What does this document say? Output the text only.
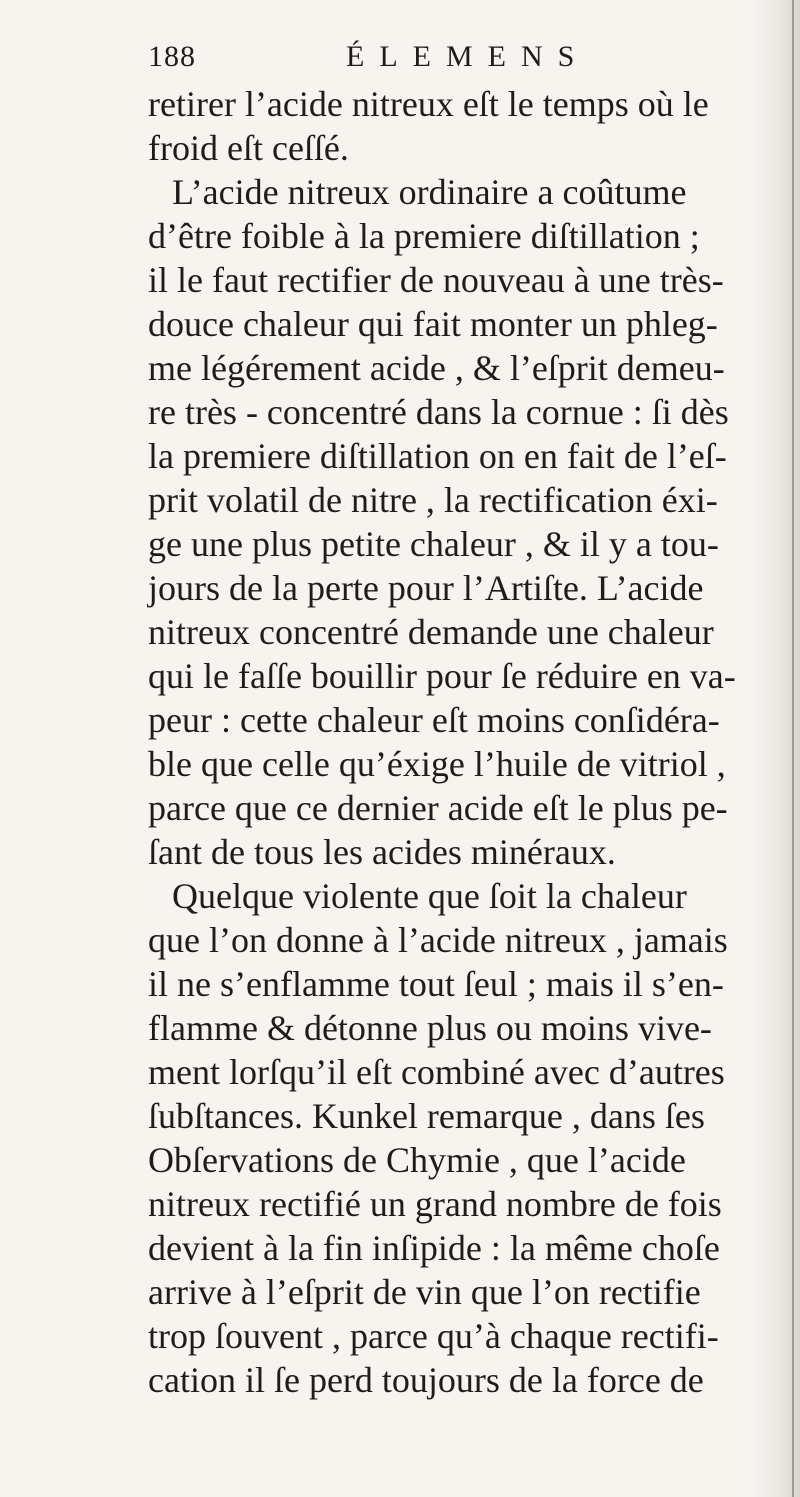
188	ÉLEMENS
retirer l’acide nitreux eſt le temps où le
froid eſt ceſſé.
L’acide nitreux ordinaire a coûtume
d’être foible à la premiere diſtillation ;
il le faut rectifier de nouveau à une très-
douce chaleur qui fait monter un phleg-
me légérement acide , & l’eſprit demeu-
re très - concentré dans la cornue : ſi dès
la premiere diſtillation on en fait de l’eſ-
prit volatil de nitre , la rectification éxi-
ge une plus petite chaleur , & il y a tou-
jours de la perte pour l’Artiſte. L’acide
nitreux concentré demande une chaleur
qui le faſſe bouillir pour ſe réduire en va-
peur : cette chaleur eſt moins conſidéra-
ble que celle qu’éxige l’huile de vitriol ,
parce que ce dernier acide eſt le plus pe-
ſant de tous les acides minéraux.
Quelque violente que ſoit la chaleur
que l’on donne à l’acide nitreux , jamais
il ne s’enflamme tout ſeul ; mais il s’en-
flamme & détonne plus ou moins vive-
ment lorſqu’il eſt combiné avec d’autres
ſubſtances. Kunkel remarque , dans ſes
Obſervations de Chymie , que l’acide
nitreux rectifié un grand nombre de fois
devient à la fin inſipide : la même choſe
arrive à l’eſprit de vin que l’on rectifie
trop ſouvent , parce qu’à chaque rectifi-
cation il ſe perd toujours de la force de
